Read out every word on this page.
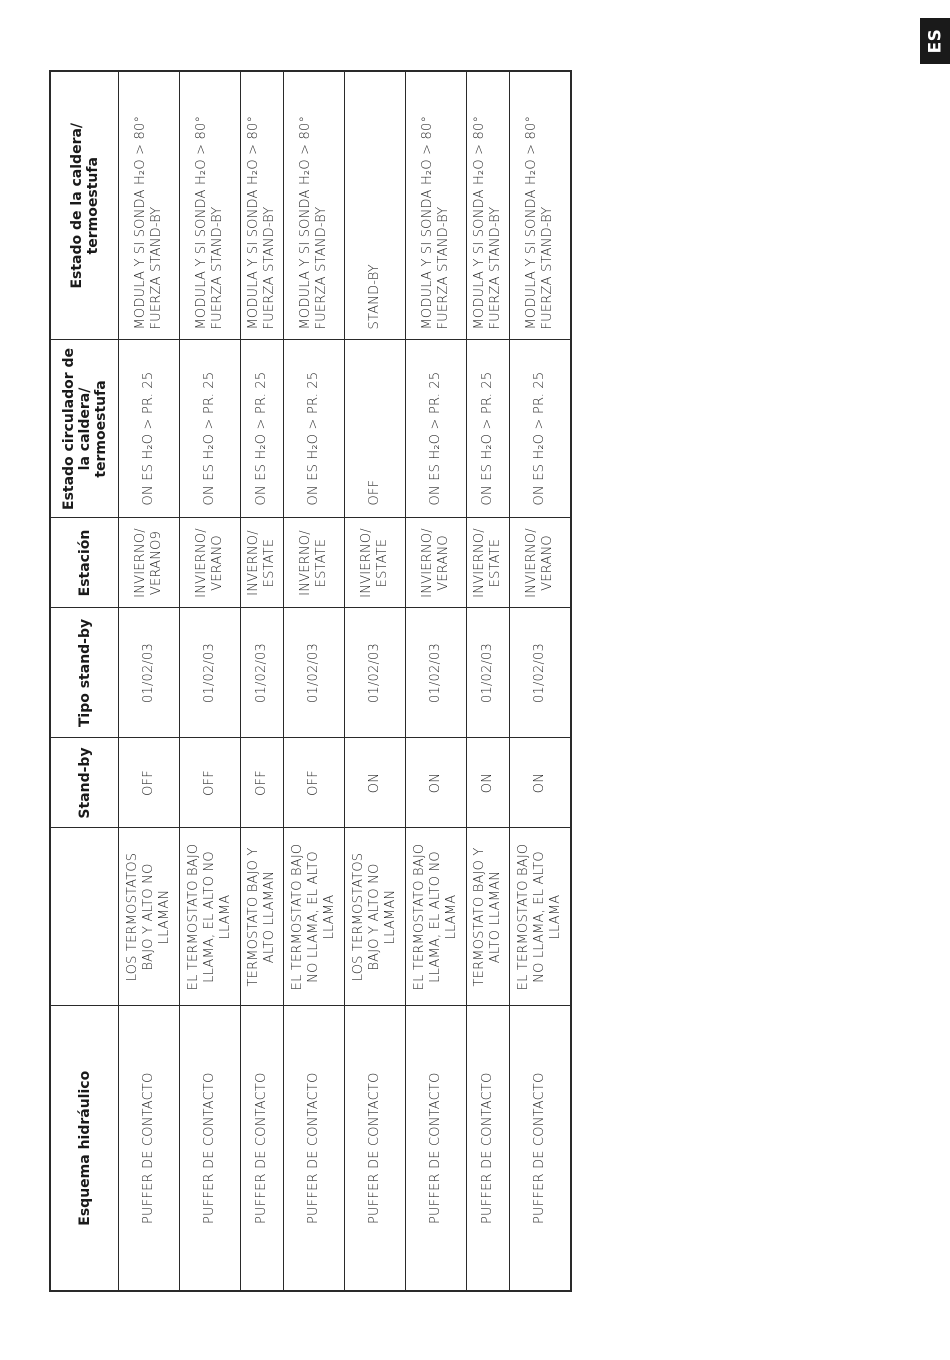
ES
Esquema hidráulico		Stand-by	Tipo stand-by	Estación	Estado circulador de la caldera/ termoestufa	Estado de la caldera/ termoestufa
PUFFER DE CONTACTO	LOS TERMOSTATOS BAJO Y ALTO NO LLAMAN	OFF	01/02/03	INVIERNO/ VERANO9	ON ES H₂O > PR. 25	MODULA Y SI SONDA H₂O > 80° FUERZA STAND-BY
PUFFER DE CONTACTO	EL TERMOSTATO BAJO LLAMA, EL ALTO NO LLAMA	OFF	01/02/03	INVIERNO/ VERANO	ON ES H₂O > PR. 25	MODULA Y SI SONDA H₂O > 80° FUERZA STAND-BY
PUFFER DE CONTACTO	TERMOSTATO BAJO Y ALTO LLAMAN	OFF	01/02/03	INVERNO/ ESTATE	ON ES H₂O > PR. 25	MODULA Y SI SONDA H₂O > 80° FUERZA STAND-BY
PUFFER DE CONTACTO	EL TERMOSTATO BAJO NO LLAMA, EL ALTO LLAMA	OFF	01/02/03	INVERNO/ ESTATE	ON ES H₂O > PR. 25	MODULA Y SI SONDA H₂O > 80° FUERZA STAND-BY
PUFFER DE CONTACTO	LOS TERMOSTATOS BAJO Y ALTO NO LLAMAN	ON	01/02/03	INVIERNO/ ESTATE	OFF	STAND-BY
PUFFER DE CONTACTO	EL TERMOSTATO BAJO LLAMA, EL ALTO NO LLAMA	ON	01/02/03	INVIERNO/ VERANO	ON ES H₂O > PR. 25	MODULA Y SI SONDA H₂O > 80° FUERZA STAND-BY
PUFFER DE CONTACTO	TERMOSTATO BAJO Y ALTO LLAMAN	ON	01/02/03	INVIERNO/ ESTATE	ON ES H₂O > PR. 25	MODULA Y SI SONDA H₂O > 80° FUERZA STAND-BY
PUFFER DE CONTACTO	EL TERMOSTATO BAJO NO LLAMA, EL ALTO LLAMA	ON	01/02/03	INVIERNO/ VERANO	ON ES H₂O > PR. 25	MODULA Y SI SONDA H₂O > 80° FUERZA STAND-BY
